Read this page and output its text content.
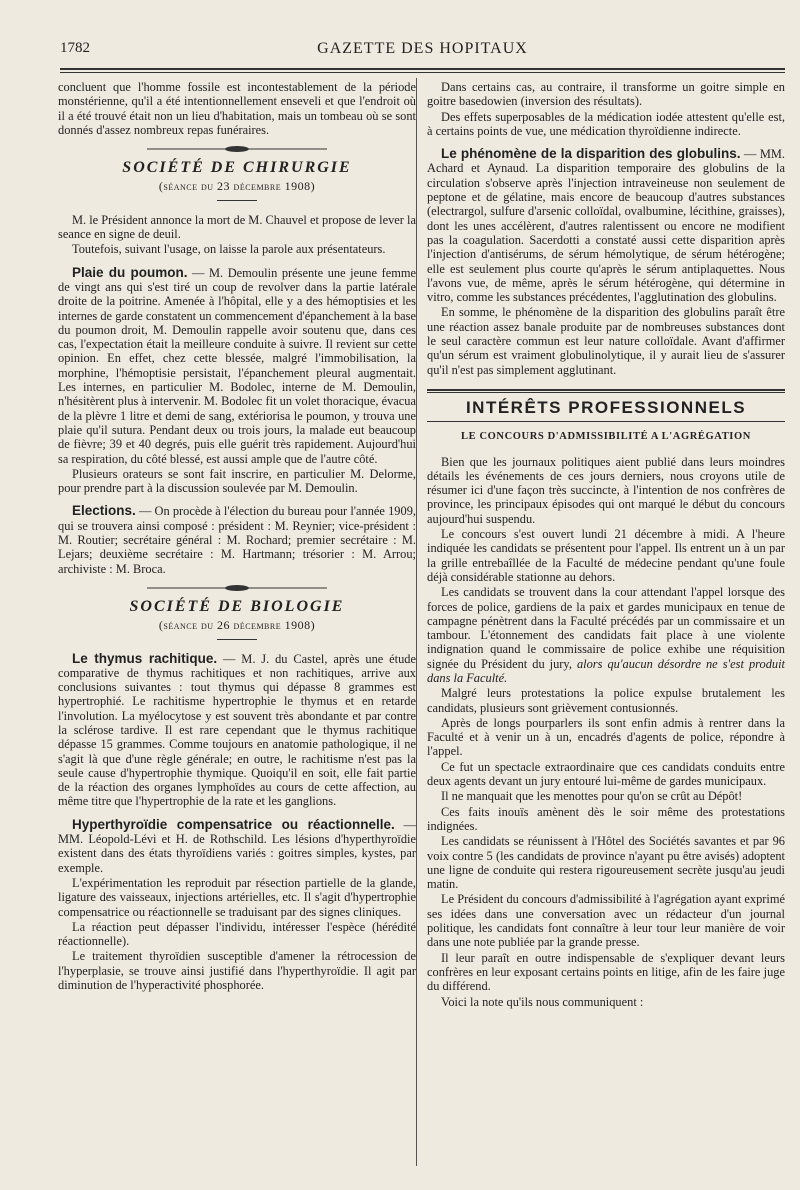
1782	GAZETTE DES HOPITAUX

concluent que l'homme fossile est incontestablement de la période monstérienne, qu'il a été intentionnellement enseveli et que l'endroit où il a été trouvé était non un lieu d'habitation, mais un tombeau où se sont donnés d'assez nombreux repas funéraires.

SOCIÉTÉ DE CHIRURGIE
(séance du 23 décembre 1908)

M. le Président annonce la mort de M. Chauvel et propose de lever la seance en signe de deuil.

Toutefois, suivant l'usage, on laisse la parole aux présentateurs.

Plaie du poumon. — M. Demoulin présente une jeune femme de vingt ans qui s'est tiré un coup de revolver dans la partie latérale droite de la poitrine. Amenée à l'hôpital, elle y a des hémoptisies et les internes de garde constatent un commencement d'épanchement à la base du poumon droit, M. Demoulin rappelle avoir soutenu que, dans ces cas, l'expectation était la meilleure conduite à suivre. Il revient sur cette opinion. En effet, chez cette blessée, malgré l'immobilisation, la morphine, l'hémoptisie persistait, l'épanchement pleural augmentait. Les internes, en particulier M. Bodolec, interne de M. Demoulin, n'hésitèrent plus à intervenir. M. Bodolec fit un volet thoracique, évacua de la plèvre 1 litre et demi de sang, extériorisa le poumon, y trouva une plaie qu'il sutura. Pendant deux ou trois jours, la malade eut beaucoup de fièvre; 39 et 40 degrés, puis elle guérit très rapidement. Aujourd'hui sa respiration, du côté blessé, est aussi ample que de l'autre côté.

Plusieurs orateurs se sont fait inscrire, en particulier M. Delorme, pour prendre part à la discussion soulevée par M. Demoulin.

Elections. — On procède à l'élection du bureau pour l'année 1909, qui se trouvera ainsi composé : président : M. Reynier; vice-président : M. Routier; secrétaire général : M. Rochard; premier secrétaire : M. Lejars; deuxième secrétaire : M. Hartmann; trésorier : M. Arrou; archiviste : M. Broca.

SOCIÉTÉ DE BIOLOGIE
(séance du 26 décembre 1908)

Le thymus rachitique. — M. J. du Castel, après une étude comparative de thymus rachitiques et non rachitiques, arrive aux conclusions suivantes : tout thymus qui dépasse 8 grammes est hypertrophié. Le rachitisme hypertrophie le thymus et en retarde l'involution. La myélocytose y est souvent très abondante et par contre la sclérose tardive. Il est rare cependant que le thymus rachitique dépasse 15 grammes. Comme toujours en anatomie pathologique, il ne s'agit là que d'une règle générale; en outre, le rachitisme n'est pas la seule cause d'hypertrophie thymique. Quoiqu'il en soit, elle fait partie de la réaction des organes lymphoïdes au cours de cette affection, au même titre que l'hypertrophie de la rate et les ganglions.

Hyperthyroïdie compensatrice ou réactionnelle. — MM. Léopold-Lévi et H. de Rothschild. Les lésions d'hyperthyroïdie existent dans des états thyroïdiens variés : goitres simples, kystes, par exemple.

L'expérimentation les reproduit par résection partielle de la glande, ligature des vaisseaux, injections artérielles, etc. Il s'agit d'hypertrophie compensatrice ou réactionnelle se traduisant par des signes cliniques.

La réaction peut dépasser l'individu, intéresser l'espèce (hérédité réactionnelle).

Le traitement thyroïdien susceptible d'amener la rétrocession de l'hyperplasie, se trouve ainsi justifié dans l'hyperthyroïdie. Il agit par diminution de l'hyperactivité phosphorée.

Dans certains cas, au contraire, il transforme un goitre simple en goitre basedowien (inversion des résultats).

Des effets superposables de la médication iodée attestent qu'elle est, à certains points de vue, une médication thyroïdienne indirecte.

Le phénomène de la disparition des globulins. — MM. Achard et Aynaud. La disparition temporaire des globulins de la circulation s'observe après l'injection intraveineuse non seulement de peptone et de gélatine, mais encore de beaucoup d'autres substances (electrargol, sulfure d'arsenic colloïdal, ovalbumine, lécithine, graisses), dont les unes accélèrent, d'autres ralentissent ou encore ne modifient pas la coagulation. Sacerdotti a constaté aussi cette disparition après l'injection d'antisérums, de sérum hémolytique, de sérum hétérogène; elle est seulement plus courte qu'après le sérum antiplaquettes. Nous l'avons vue, de même, après le sérum hétérogène, qui détermine in vitro, comme les substances précédentes, l'agglutination des globulins.

En somme, le phénomène de la disparition des globulins paraît être une réaction assez banale produite par de nombreuses substances dont le seul caractère commun est leur nature colloïdale. Avant d'affirmer qu'un sérum est vraiment globulinolytique, il y aurait lieu de s'assurer qu'il n'est pas simplement agglutinant.

INTÉRÊTS PROFESSIONNELS
LE CONCOURS D'ADMISSIBILITÉ A L'AGRÉGATION

Bien que les journaux politiques aient publié dans leurs moindres détails les événements de ces jours derniers, nous croyons utile de résumer ici d'une façon très succincte, à l'intention de nos confrères de province, les principaux épisodes qui ont marqué le début du concours aujourd'hui suspendu.

Le concours s'est ouvert lundi 21 décembre à midi. A l'heure indiquée les candidats se présentent pour l'appel. Ils entrent un à un par la grille entrebaîllée de la Faculté de médecine pendant qu'une foule déjà considérable stationne au dehors.

Les candidats se trouvent dans la cour attendant l'appel lorsque des forces de police, gardiens de la paix et gardes municipaux en tenue de campagne pénètrent dans la Faculté précédés par un commissaire et un tambour. L'étonnement des candidats fait place à une violente indignation quand le commissaire de police exhibe une réquisition signée du Président du jury, alors qu'aucun désordre ne s'est produit dans la Faculté.

Malgré leurs protestations la police expulse brutalement les candidats, plusieurs sont grièvement contusionnés.

Après de longs pourparlers ils sont enfin admis à rentrer dans la Faculté et à venir un à un, encadrés d'agents de police, répondre à l'appel.

Ce fut un spectacle extraordinaire que ces candidats conduits entre deux agents devant un jury entouré lui-même de gardes municipaux.

Il ne manquait que les menottes pour qu'on se crût au Dépôt!

Ces faits inouïs amènent dès le soir même des protestations indignées.

Les candidats se réunissent à l'Hôtel des Sociétés savantes et par 96 voix contre 5 (les candidats de province n'ayant pu être avisés) adoptent une ligne de conduite qui restera rigoureusement secrète jusqu'au jeudi matin.

Le Président du concours d'admissibilité à l'agrégation ayant exprimé ses idées dans une conversation avec un rédacteur d'un journal politique, les candidats font connaître à leur tour leur manière de voir dans une note publiée par la grande presse.

Il leur paraît en outre indispensable de s'expliquer devant leurs confrères en leur exposant certains points en litige, afin de les faire juge du différend.

Voici la note qu'ils nous communiquent :
